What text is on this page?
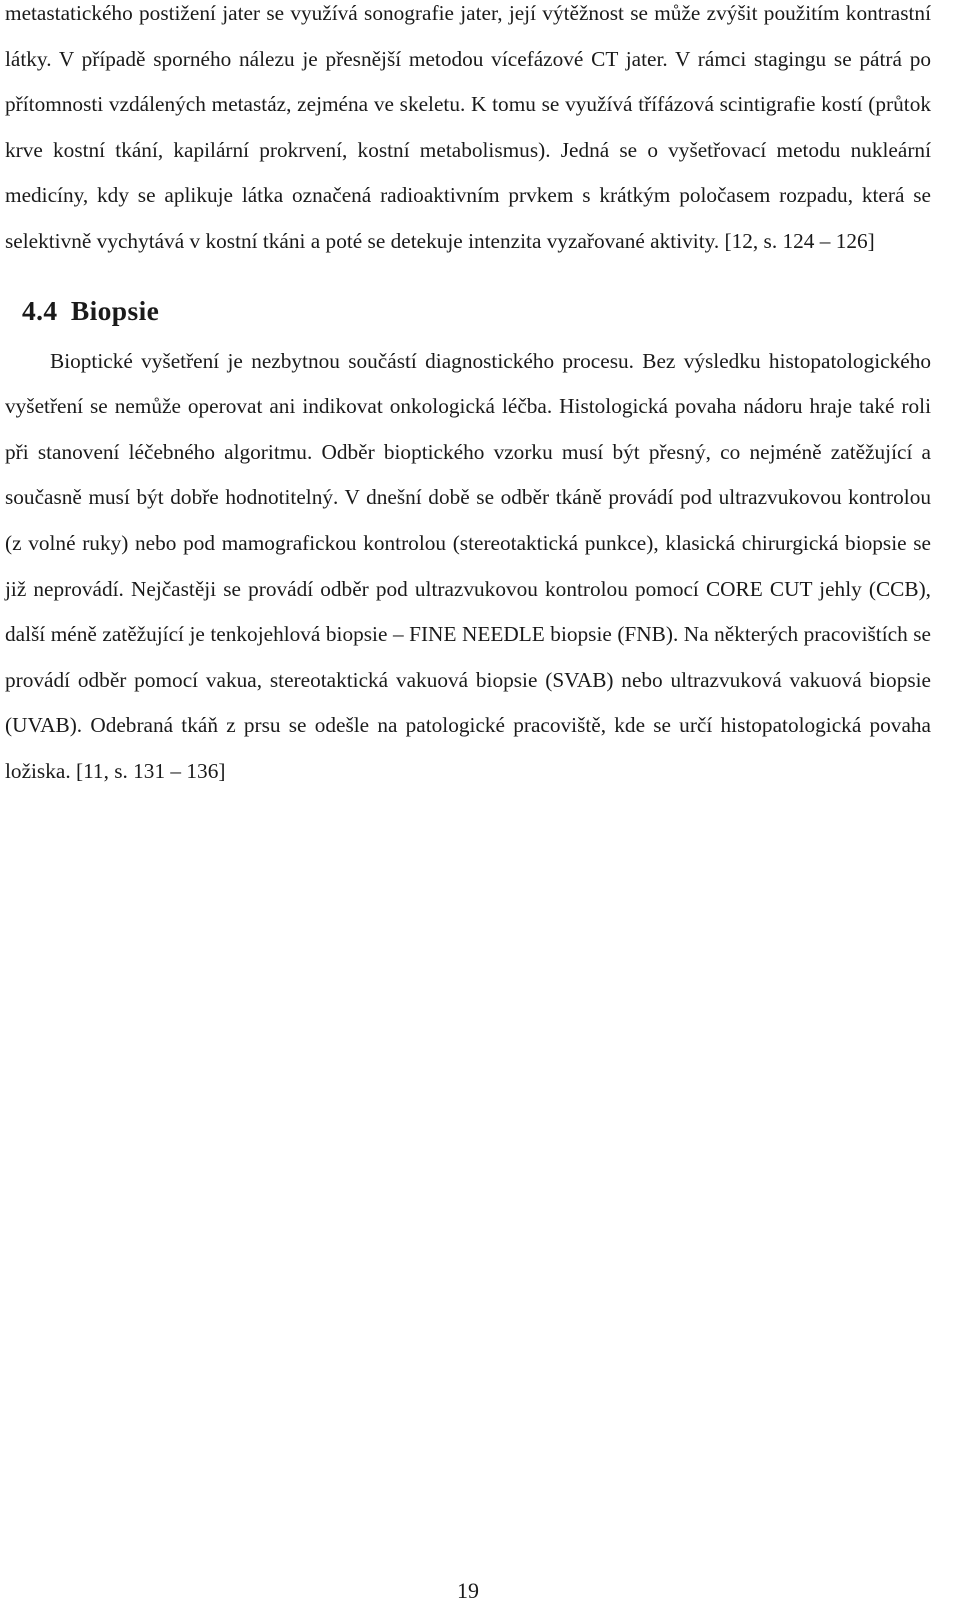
metastatického postižení jater se využívá sonografie jater, její výtěžnost se může zvýšit použitím kontrastní látky. V případě sporného nálezu je přesnější metodou vícefázové CT jater. V rámci stagingu se pátrá po přítomnosti vzdálených metastáz, zejména ve skeletu. K tomu se využívá třífázová scintigrafie kostí (průtok krve kostní tkání, kapilární prokrvení, kostní metabolismus). Jedná se o vyšetřovací metodu nukleární medicíny, kdy se aplikuje látka označená radioaktivním prvkem s krátkým poločasem rozpadu, která se selektivně vychytává v kostní tkáni a poté se detekuje intenzita vyzařované aktivity. [12, s. 124 – 126]

4.4 Biopsie

Bioptické vyšetření je nezbytnou součástí diagnostického procesu. Bez výsledku histopatologického vyšetření se nemůže operovat ani indikovat onkologická léčba. Histologická povaha nádoru hraje také roli při stanovení léčebného algoritmu. Odběr bioptického vzorku musí být přesný, co nejméně zatěžující a současně musí být dobře hodnotitelný. V dnešní době se odběr tkáně provádí pod ultrazvukovou kontrolou (z volné ruky) nebo pod mamografickou kontrolou (stereotaktická punkce), klasická chirurgická biopsie se již neprovádí. Nejčastěji se provádí odběr pod ultrazvukovou kontrolou pomocí CORE CUT jehly (CCB), další méně zatěžující je tenkojehlová biopsie – FINE NEEDLE biopsie (FNB). Na některých pracovištích se provádí odběr pomocí vakua, stereotaktická vakuová biopsie (SVAB) nebo ultrazvuková vakuová biopsie (UVAB). Odebraná tkáň z prsu se odešle na patologické pracoviště, kde se určí histopatologická povaha ložiska. [11, s. 131 – 136]

19
